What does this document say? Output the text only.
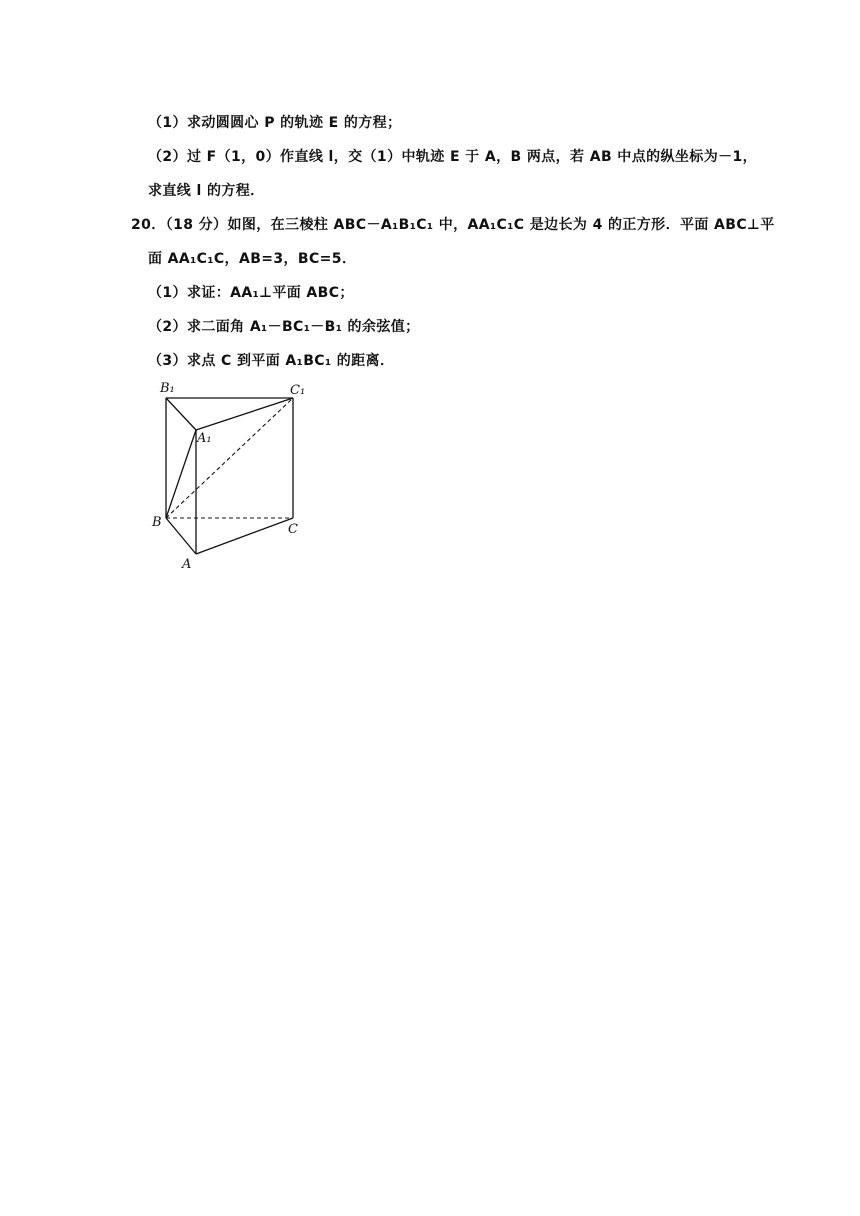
（1）求动圆圆心 P 的轨迹 E 的方程；
（2）过 F（1，0）作直线 l，交（1）中轨迹 E 于 A，B 两点，若 AB 中点的纵坐标为－1，
求直线 l 的方程．
20．（18 分）如图，在三棱柱 ABC－A₁B₁C₁ 中，AA₁C₁C 是边长为 4 的正方形．平面 ABC⊥平
面 AA₁C₁C，AB=3，BC=5．
（1）求证：AA₁⊥平面 ABC；
（2）求二面角 A₁－BC₁－B₁ 的余弦值；
（3）求点 C 到平面 A₁BC₁ 的距离．
B₁	C₁
A₁
B	C
A
